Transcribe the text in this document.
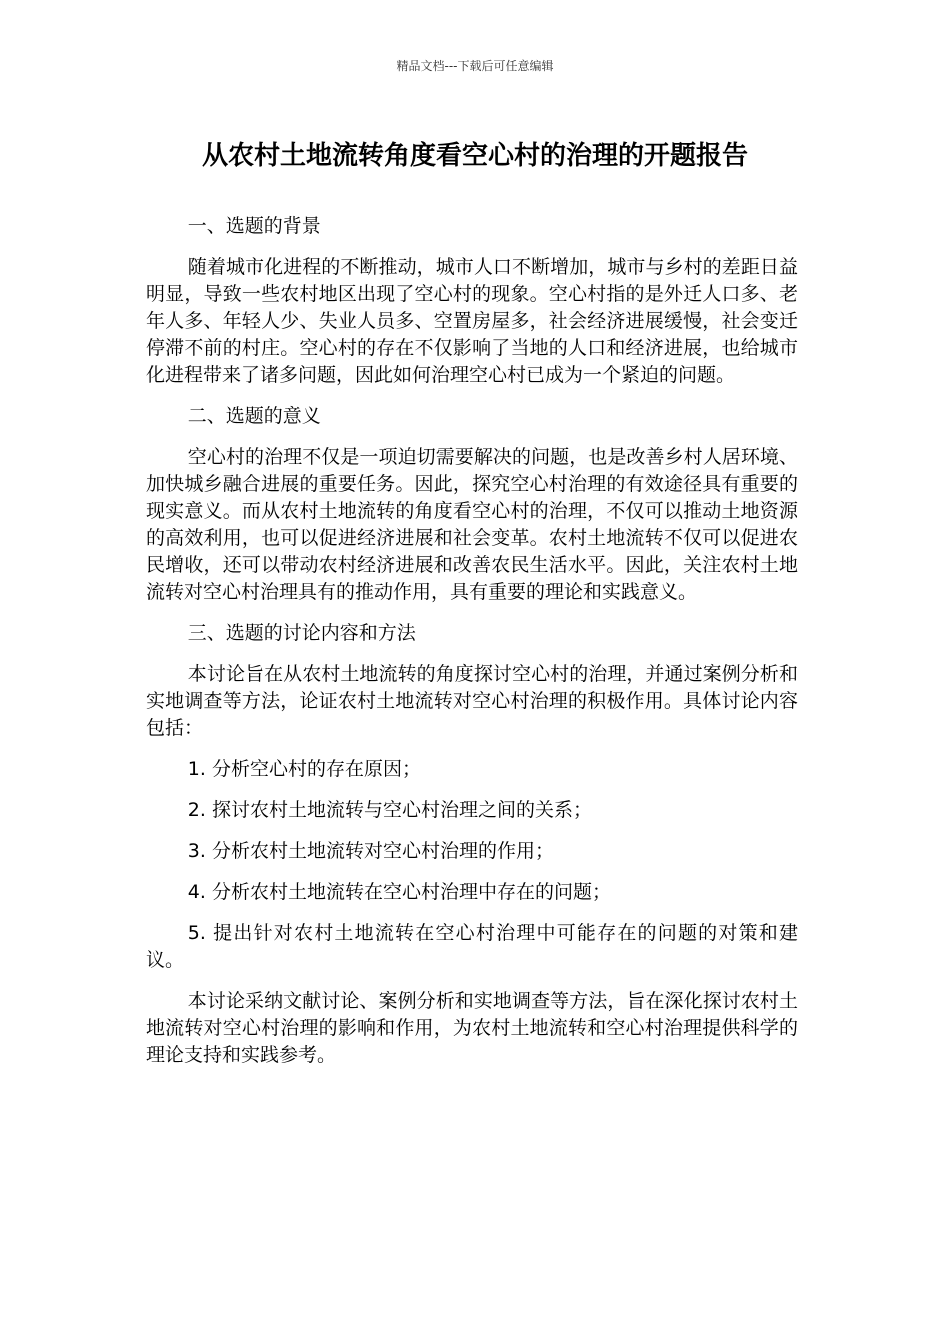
精品文档---下载后可任意编辑
从农村土地流转角度看空心村的治理的开题报告

一、选题的背景

随着城市化进程的不断推动，城市人口不断增加，城市与乡村的差距日益明显，导致一些农村地区出现了空心村的现象。空心村指的是外迁人口多、老年人多、年轻人少、失业人员多、空置房屋多，社会经济进展缓慢，社会变迁停滞不前的村庄。空心村的存在不仅影响了当地的人口和经济进展，也给城市化进程带来了诸多问题，因此如何治理空心村已成为一个紧迫的问题。

二、选题的意义

空心村的治理不仅是一项迫切需要解决的问题，也是改善乡村人居环境、加快城乡融合进展的重要任务。因此，探究空心村治理的有效途径具有重要的现实意义。而从农村土地流转的角度看空心村的治理，不仅可以推动土地资源的高效利用，也可以促进经济进展和社会变革。农村土地流转不仅可以促进农民增收，还可以带动农村经济进展和改善农民生活水平。因此，关注农村土地流转对空心村治理具有的推动作用，具有重要的理论和实践意义。

三、选题的讨论内容和方法

本讨论旨在从农村土地流转的角度探讨空心村的治理，并通过案例分析和实地调查等方法，论证农村土地流转对空心村治理的积极作用。具体讨论内容包括：

1. 分析空心村的存在原因；

2. 探讨农村土地流转与空心村治理之间的关系；

3. 分析农村土地流转对空心村治理的作用；

4. 分析农村土地流转在空心村治理中存在的问题；

5. 提出针对农村土地流转在空心村治理中可能存在的问题的对策和建议。

本讨论采纳文献讨论、案例分析和实地调查等方法，旨在深化探讨农村土地流转对空心村治理的影响和作用，为农村土地流转和空心村治理提供科学的理论支持和实践参考。
